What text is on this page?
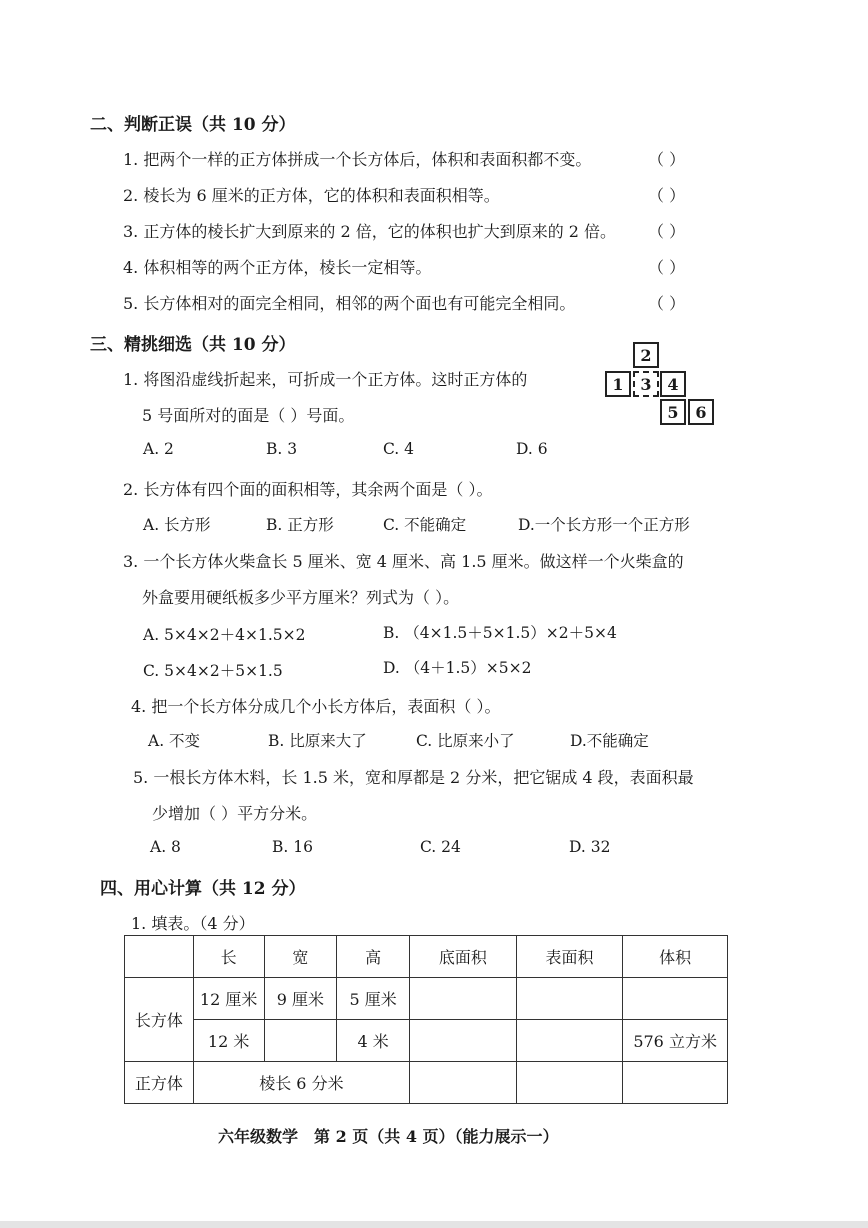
二、判断正误（共 10 分）
1. 把两个一样的正方体拼成一个长方体后，体积和表面积都不变。	（ ）
2. 棱长为 6 厘米的正方体，它的体积和表面积相等。	（ ）
3. 正方体的棱长扩大到原来的 2 倍，它的体积也扩大到原来的 2 倍。 （ ）
4. 体积相等的两个正方体，棱长一定相等。	（ ）
5. 长方体相对的面完全相同，相邻的两个面也有可能完全相同。	（ ）
三、精挑细选（共 10 分）
2
1	3 4
5	6
1. 将图沿虚线折起来，可折成一个正方体。这时正方体的
5 号面所对的面是（ ）号面。
A. 2	B. 3	C. 4	D. 6
2. 长方体有四个面的面积相等，其余两个面是（ ）。
A. 长方形	B. 正方形	C. 不能确定	D.一个长方形一个正方形
3. 一个长方体火柴盒长 5 厘米、宽 4 厘米、高 1.5 厘米。做这样一个火柴盒的
外盒要用硬纸板多少平方厘米？列式为（ ）。
A. 5×4×2＋4×1.5×2	B. （4×1.5＋5×1.5）×2＋5×4
C. 5×4×2＋5×1.5	D. （4＋1.5）×5×2
4. 把一个长方体分成几个小长方体后，表面积（ ）。
A. 不变	B. 比原来大了	C. 比原来小了	D.不能确定
5. 一根长方体木料，长 1.5 米，宽和厚都是 2 分米，把它锯成 4 段，表面积最
少增加（ ）平方分米。
A. 8	B. 16	C. 24	D. 32
四、用心计算（共 12 分）
1. 填表。（4 分）
	长	宽	高	底面积	表面积	体积
长方体	12 厘米	9 厘米	5 厘米			
	12 米		4 米			576 立方米
正方体	棱长 6 分米					
六年级数学　第 2 页（共 4 页）（能力展示一）
